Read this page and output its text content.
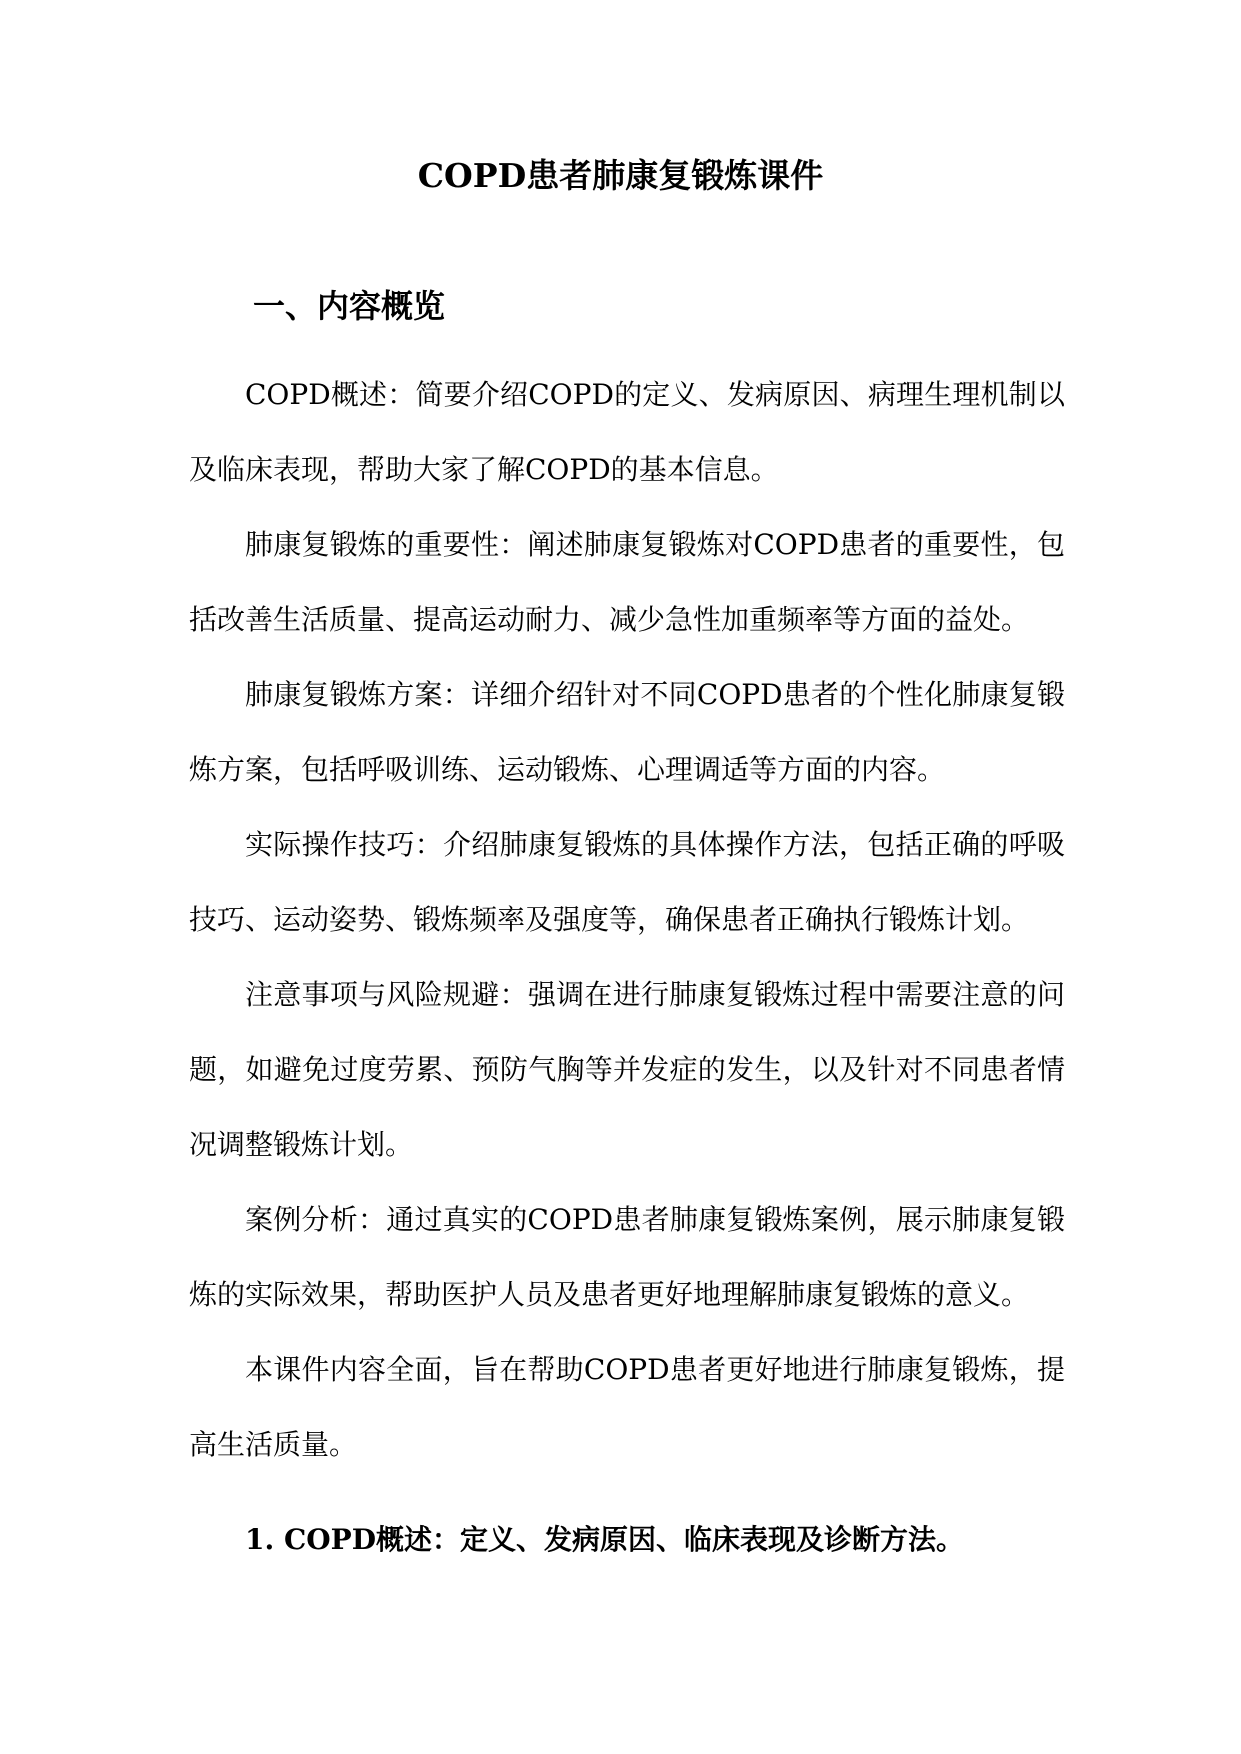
COPD患者肺康复锻炼课件
一、内容概览

COPD概述：简要介绍COPD的定义、发病原因、病理生理机制以及临床表现，帮助大家了解COPD的基本信息。

肺康复锻炼的重要性：阐述肺康复锻炼对COPD患者的重要性，包括改善生活质量、提高运动耐力、减少急性加重频率等方面的益处。

肺康复锻炼方案：详细介绍针对不同COPD患者的个性化肺康复锻炼方案，包括呼吸训练、运动锻炼、心理调适等方面的内容。

实际操作技巧：介绍肺康复锻炼的具体操作方法，包括正确的呼吸技巧、运动姿势、锻炼频率及强度等，确保患者正确执行锻炼计划。

注意事项与风险规避：强调在进行肺康复锻炼过程中需要注意的问题，如避免过度劳累、预防气胸等并发症的发生，以及针对不同患者情况调整锻炼计划。

案例分析：通过真实的COPD患者肺康复锻炼案例，展示肺康复锻炼的实际效果，帮助医护人员及患者更好地理解肺康复锻炼的意义。

本课件内容全面，旨在帮助COPD患者更好地进行肺康复锻炼，提高生活质量。

1. COPD概述：定义、发病原因、临床表现及诊断方法。
